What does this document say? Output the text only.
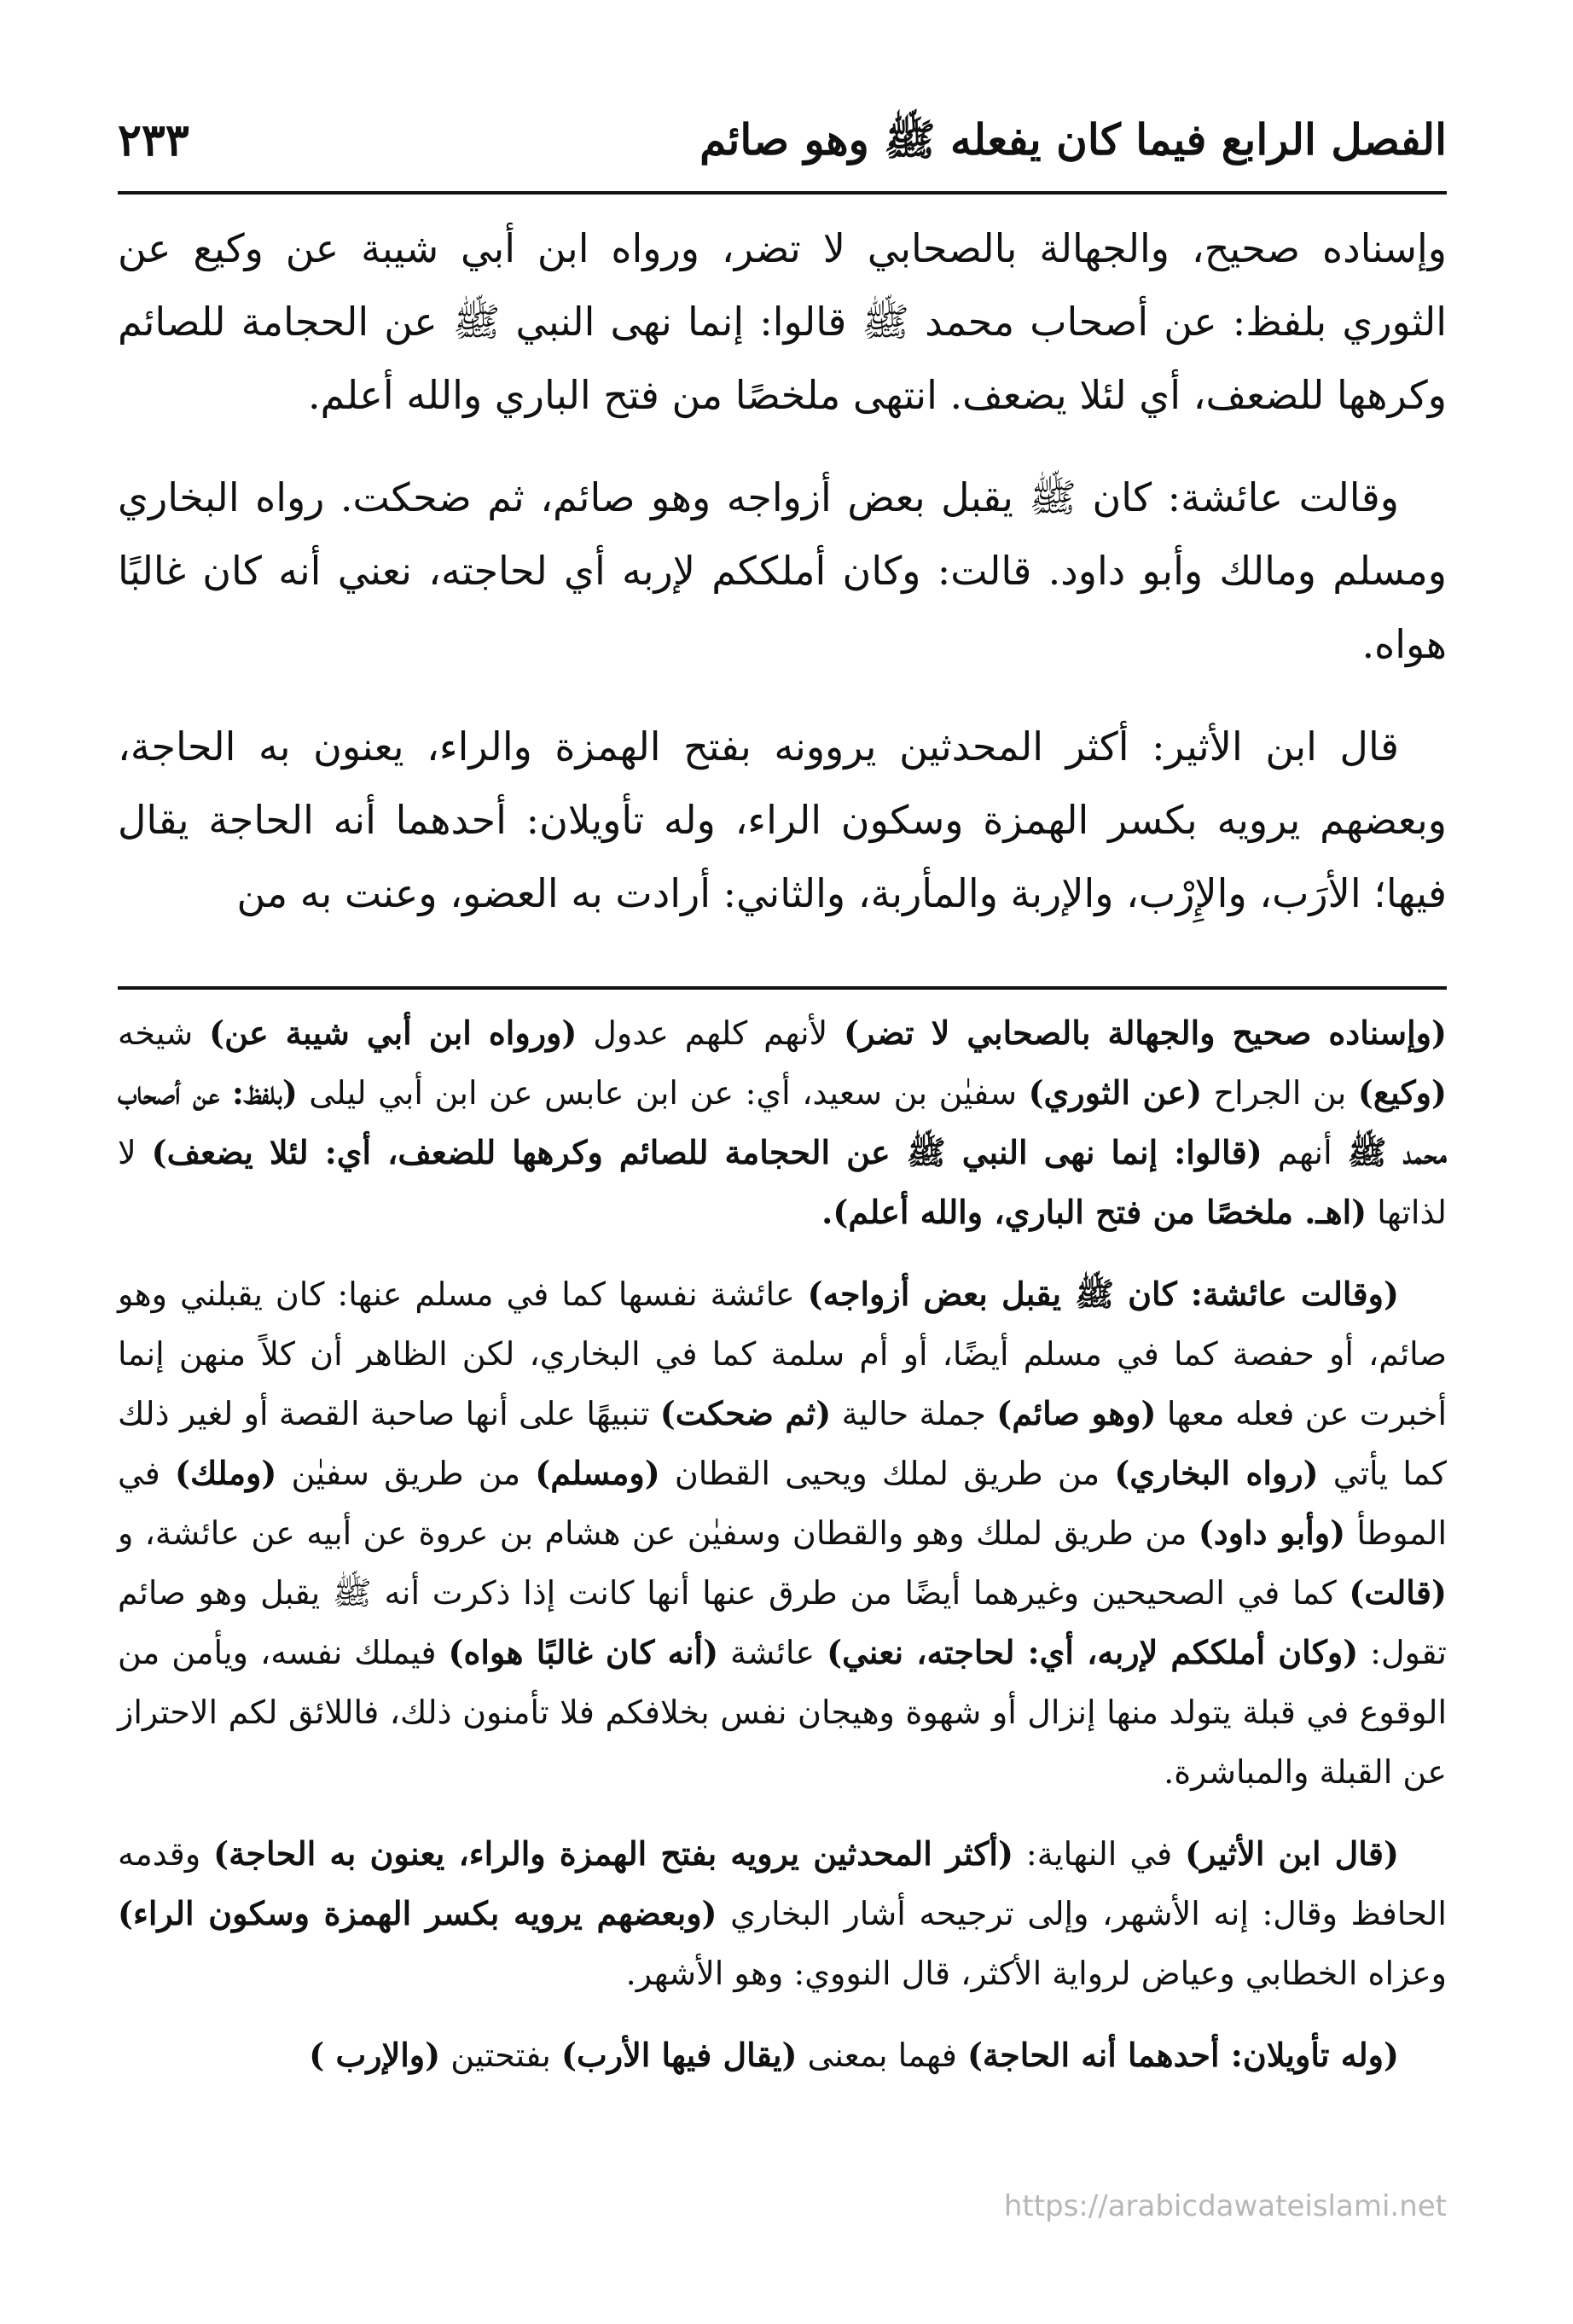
الفصل الرابع فيما كان يفعله ﷺ وهو صائم
٢٣٣

وإسناده صحيح، والجهالة بالصحابي لا تضر، ورواه ابن أبي شيبة عن وكيع عن الثوري بلفظ: عن أصحاب محمد ﷺ قالوا: إنما نهى النبي ﷺ عن الحجامة للصائم وكرهها للضعف، أي لئلا يضعف. انتهى ملخصًا من فتح الباري والله أعلم.

وقالت عائشة: كان ﷺ يقبل بعض أزواجه وهو صائم، ثم ضحكت. رواه البخاري ومسلم ومالك وأبو داود. قالت: وكان أملككم لإربه أي لحاجته، نعني أنه كان غالبًا هواه.

قال ابن الأثير: أكثر المحدثين يروونه بفتح الهمزة والراء، يعنون به الحاجة، وبعضهم يرويه بكسر الهمزة وسكون الراء، وله تأويلان: أحدهما أنه الحاجة يقال فيها؛ الأرَب، والإِرْب، والإربة والمأربة، والثاني: أرادت به العضو، وعنت به من

(وإسناده صحيح والجهالة بالصحابي لا تضر) لأنهم كلهم عدول (ورواه ابن أبي شيبة عن) شيخه (وكيع) بن الجراح (عن الثوري) سفيٰن بن سعيد، أي: عن ابن عابس عن ابن أبي ليلى (بلفظ: عن أصحاب محمد ﷺ أنهم (قالوا: إنما نهى النبي ﷺ عن الحجامة للصائم وكرهها للضعف، أي: لئلا يضعف) لا لذاتها (اهـ. ملخصًا من فتح الباري، والله أعلم).

(وقالت عائشة: كان ﷺ يقبل بعض أزواجه) عائشة نفسها كما في مسلم عنها: كان يقبلني وهو صائم، أو حفصة كما في مسلم أيضًا، أو أم سلمة كما في البخاري، لكن الظاهر أن كلاً منهن إنما أخبرت عن فعله معها (وهو صائم) جملة حالية (ثم ضحكت) تنبيهًا على أنها صاحبة القصة أو لغير ذلك كما يأتي (رواه البخاري) من طريق لملك ويحيى القطان (ومسلم) من طريق سفيٰن (وملك) في الموطأ (وأبو داود) من طريق لملك وهو والقطان وسفيٰن عن هشام بن عروة عن أبيه عن عائشة، و (قالت) كما في الصحيحين وغيرهما أيضًا من طرق عنها أنها كانت إذا ذكرت أنه ﷺ يقبل وهو صائم تقول: (وكان أملككم لإربه، أي: لحاجته، نعني) عائشة (أنه كان غالبًا هواه) فيملك نفسه، ويأمن من الوقوع في قبلة يتولد منها إنزال أو شهوة وهيجان نفس بخلافكم فلا تأمنون ذلك، فاللائق لكم الاحتراز عن القبلة والمباشرة.

(قال ابن الأثير) في النهاية: (أكثر المحدثين يرويه بفتح الهمزة والراء، يعنون به الحاجة) وقدمه الحافظ وقال: إنه الأشهر، وإلى ترجيحه أشار البخاري (وبعضهم يرويه بكسر الهمزة وسكون الراء) وعزاه الخطابي وعياض لرواية الأكثر، قال النووي: وهو الأشهر.

(وله تأويلان: أحدهما أنه الحاجة) فهما بمعنى (يقال فيها الأرب) بفتحتين (والإرب )

https://arabicdawateislami.net
